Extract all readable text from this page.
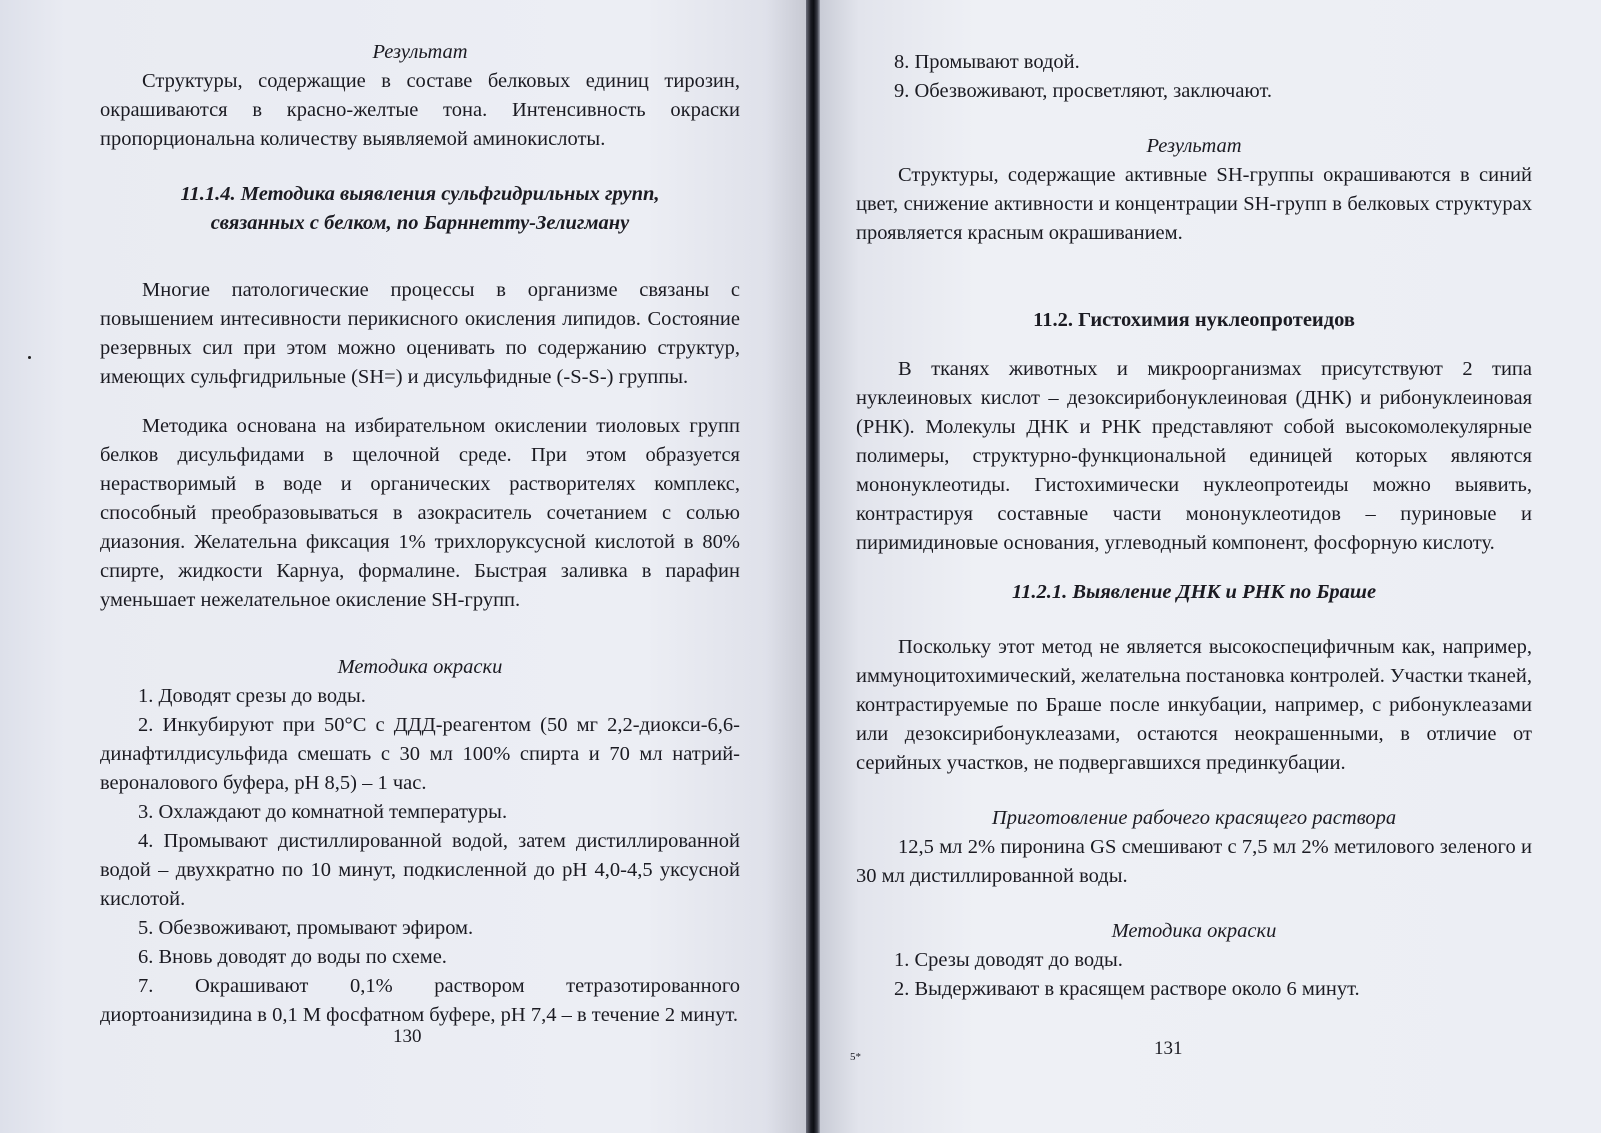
Результат

Структуры, содержащие в составе белковых единиц тирозин, окрашиваются в красно-желтые тона. Интенсивность окраски пропорциональна количеству выявляемой аминокислоты.

11.1.4. Методика выявления сульфгидрильных групп,

связанных с белком, по Барннетту-Зелигману

Многие патологические процессы в организме связаны с повышением интесивности перикисного окисления липидов. Состояние резервных сил при этом можно оценивать по содержанию структур, имеющих сульфгидрильные (SH=) и дисульфидные (-S-S-) группы.

Методика основана на избирательном окислении тиоловых групп белков дисульфидами в щелочной среде. При этом образуется нерастворимый в воде и органических растворителях комплекс, способный преобразовываться в азокраситель сочетанием с солью диазония. Желательна фиксация 1% трихлоруксусной кислотой в 80% спирте, жидкости Карнуа, формалине. Быстрая заливка в парафин уменьшает нежелательное окисление SH-групп.

Методика окраски

1. Доводят срезы до воды.

2. Инкубируют при 50°С с ДДД-реагентом (50 мг 2,2-диокси-6,6-динафтилдисульфида смешать с 30 мл 100% спирта и 70 мл натрий-вероналового буфера, pH 8,5) – 1 час.

3. Охлаждают до комнатной температуры.

4. Промывают дистиллированной водой, затем дистиллированной водой – двухкратно по 10 минут, подкисленной до pH 4,0-4,5 уксусной кислотой.

5. Обезвоживают, промывают эфиром.

6. Вновь доводят до воды по схеме.

7. Окрашивают 0,1% раствором тетразотированного диортоанизидина в 0,1 М фосфатном буфере, pH 7,4 – в течение 2 минут.

130

8. Промывают водой.

9. Обезвоживают, просветляют, заключают.

Результат

Структуры, содержащие активные SH-группы окрашиваются в синий цвет, снижение активности и концентрации SH-групп в белковых структурах проявляется красным окрашиванием.

11.2. Гистохимия нуклеопротеидов

В тканях животных и микроорганизмах присутствуют 2 типа нуклеиновых кислот – дезоксирибонуклеиновая (ДНК) и рибонуклеиновая (РНК). Молекулы ДНК и РНК представляют собой высокомолекулярные полимеры, структурно-функциональной единицей которых являются мононуклеотиды. Гистохимически нуклеопротеиды можно выявить, контрастируя составные части мононуклеотидов – пуриновые и пиримидиновые основания, углеводный компонент, фосфорную кислоту.

11.2.1. Выявление ДНК и РНК по Браше

Поскольку этот метод не является высокоспецифичным как, например, иммуноцитохимический, желательна постановка контролей. Участки тканей, контрастируемые по Браше после инкубации, например, с рибонуклеазами или дезоксирибонуклеазами, остаются неокрашенными, в отличие от серийных участков, не подвергавшихся прединкубации.

Приготовление рабочего красящего раствора

12,5 мл 2% пиронина GS смешивают с 7,5 мл 2% метилового зеленого и 30 мл дистиллированной воды.

Методика окраски

1. Срезы доводят до воды.

2. Выдерживают в красящем растворе около 6 минут.

5*	131
